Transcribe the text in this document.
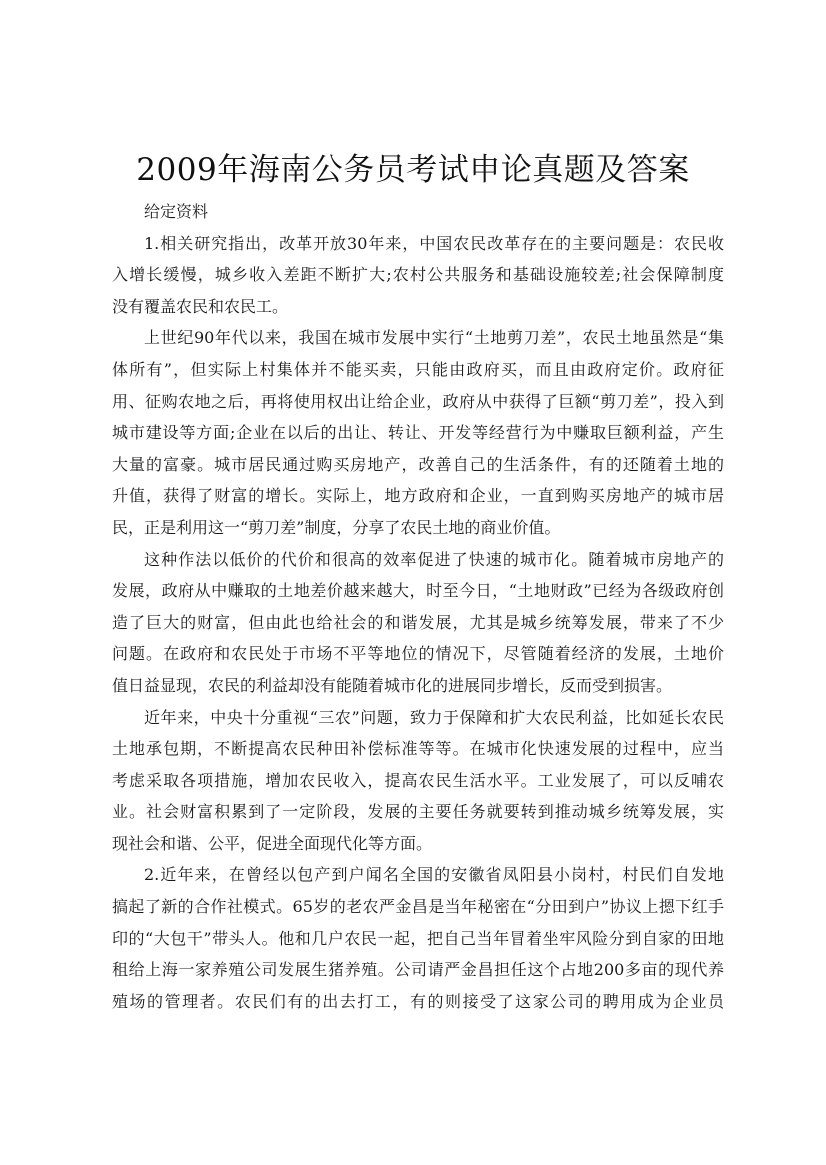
2009年海南公务员考试申论真题及答案
给定资料
1.相关研究指出，改革开放30年来，中国农民改革存在的主要问题是：农民收
入增长缓慢，城乡收入差距不断扩大;农村公共服务和基础设施较差;社会保障制度
没有覆盖农民和农民工。
上世纪90年代以来，我国在城市发展中实行“土地剪刀差”，农民土地虽然是“集
体所有”，但实际上村集体并不能买卖，只能由政府买，而且由政府定价。政府征
用、征购农地之后，再将使用权出让给企业，政府从中获得了巨额“剪刀差”，投入到
城市建设等方面;企业在以后的出让、转让、开发等经营行为中赚取巨额利益，产生
大量的富豪。城市居民通过购买房地产，改善自己的生活条件，有的还随着土地的
升值，获得了财富的增长。实际上，地方政府和企业，一直到购买房地产的城市居
民，正是利用这一“剪刀差”制度，分享了农民土地的商业价值。
这种作法以低价的代价和很高的效率促进了快速的城市化。随着城市房地产的
发展，政府从中赚取的土地差价越来越大，时至今日，“土地财政”已经为各级政府创
造了巨大的财富，但由此也给社会的和谐发展，尤其是城乡统筹发展，带来了不少
问题。在政府和农民处于市场不平等地位的情况下，尽管随着经济的发展，土地价
值日益显现，农民的利益却没有能随着城市化的进展同步增长，反而受到损害。
近年来，中央十分重视“三农”问题，致力于保障和扩大农民利益，比如延长农民
土地承包期，不断提高农民种田补偿标准等等。在城市化快速发展的过程中，应当
考虑采取各项措施，增加农民收入，提高农民生活水平。工业发展了，可以反哺农
业。社会财富积累到了一定阶段，发展的主要任务就要转到推动城乡统筹发展，实
现社会和谐、公平，促进全面现代化等方面。
2.近年来，在曾经以包产到户闻名全国的安徽省凤阳县小岗村，村民们自发地
搞起了新的合作社模式。65岁的老农严金昌是当年秘密在“分田到户”协议上摁下红手
印的“大包干”带头人。他和几户农民一起，把自己当年冒着坐牢风险分到自家的田地
租给上海一家养殖公司发展生猪养殖。公司请严金昌担任这个占地200多亩的现代养
殖场的管理者。农民们有的出去打工，有的则接受了这家公司的聘用成为企业员
